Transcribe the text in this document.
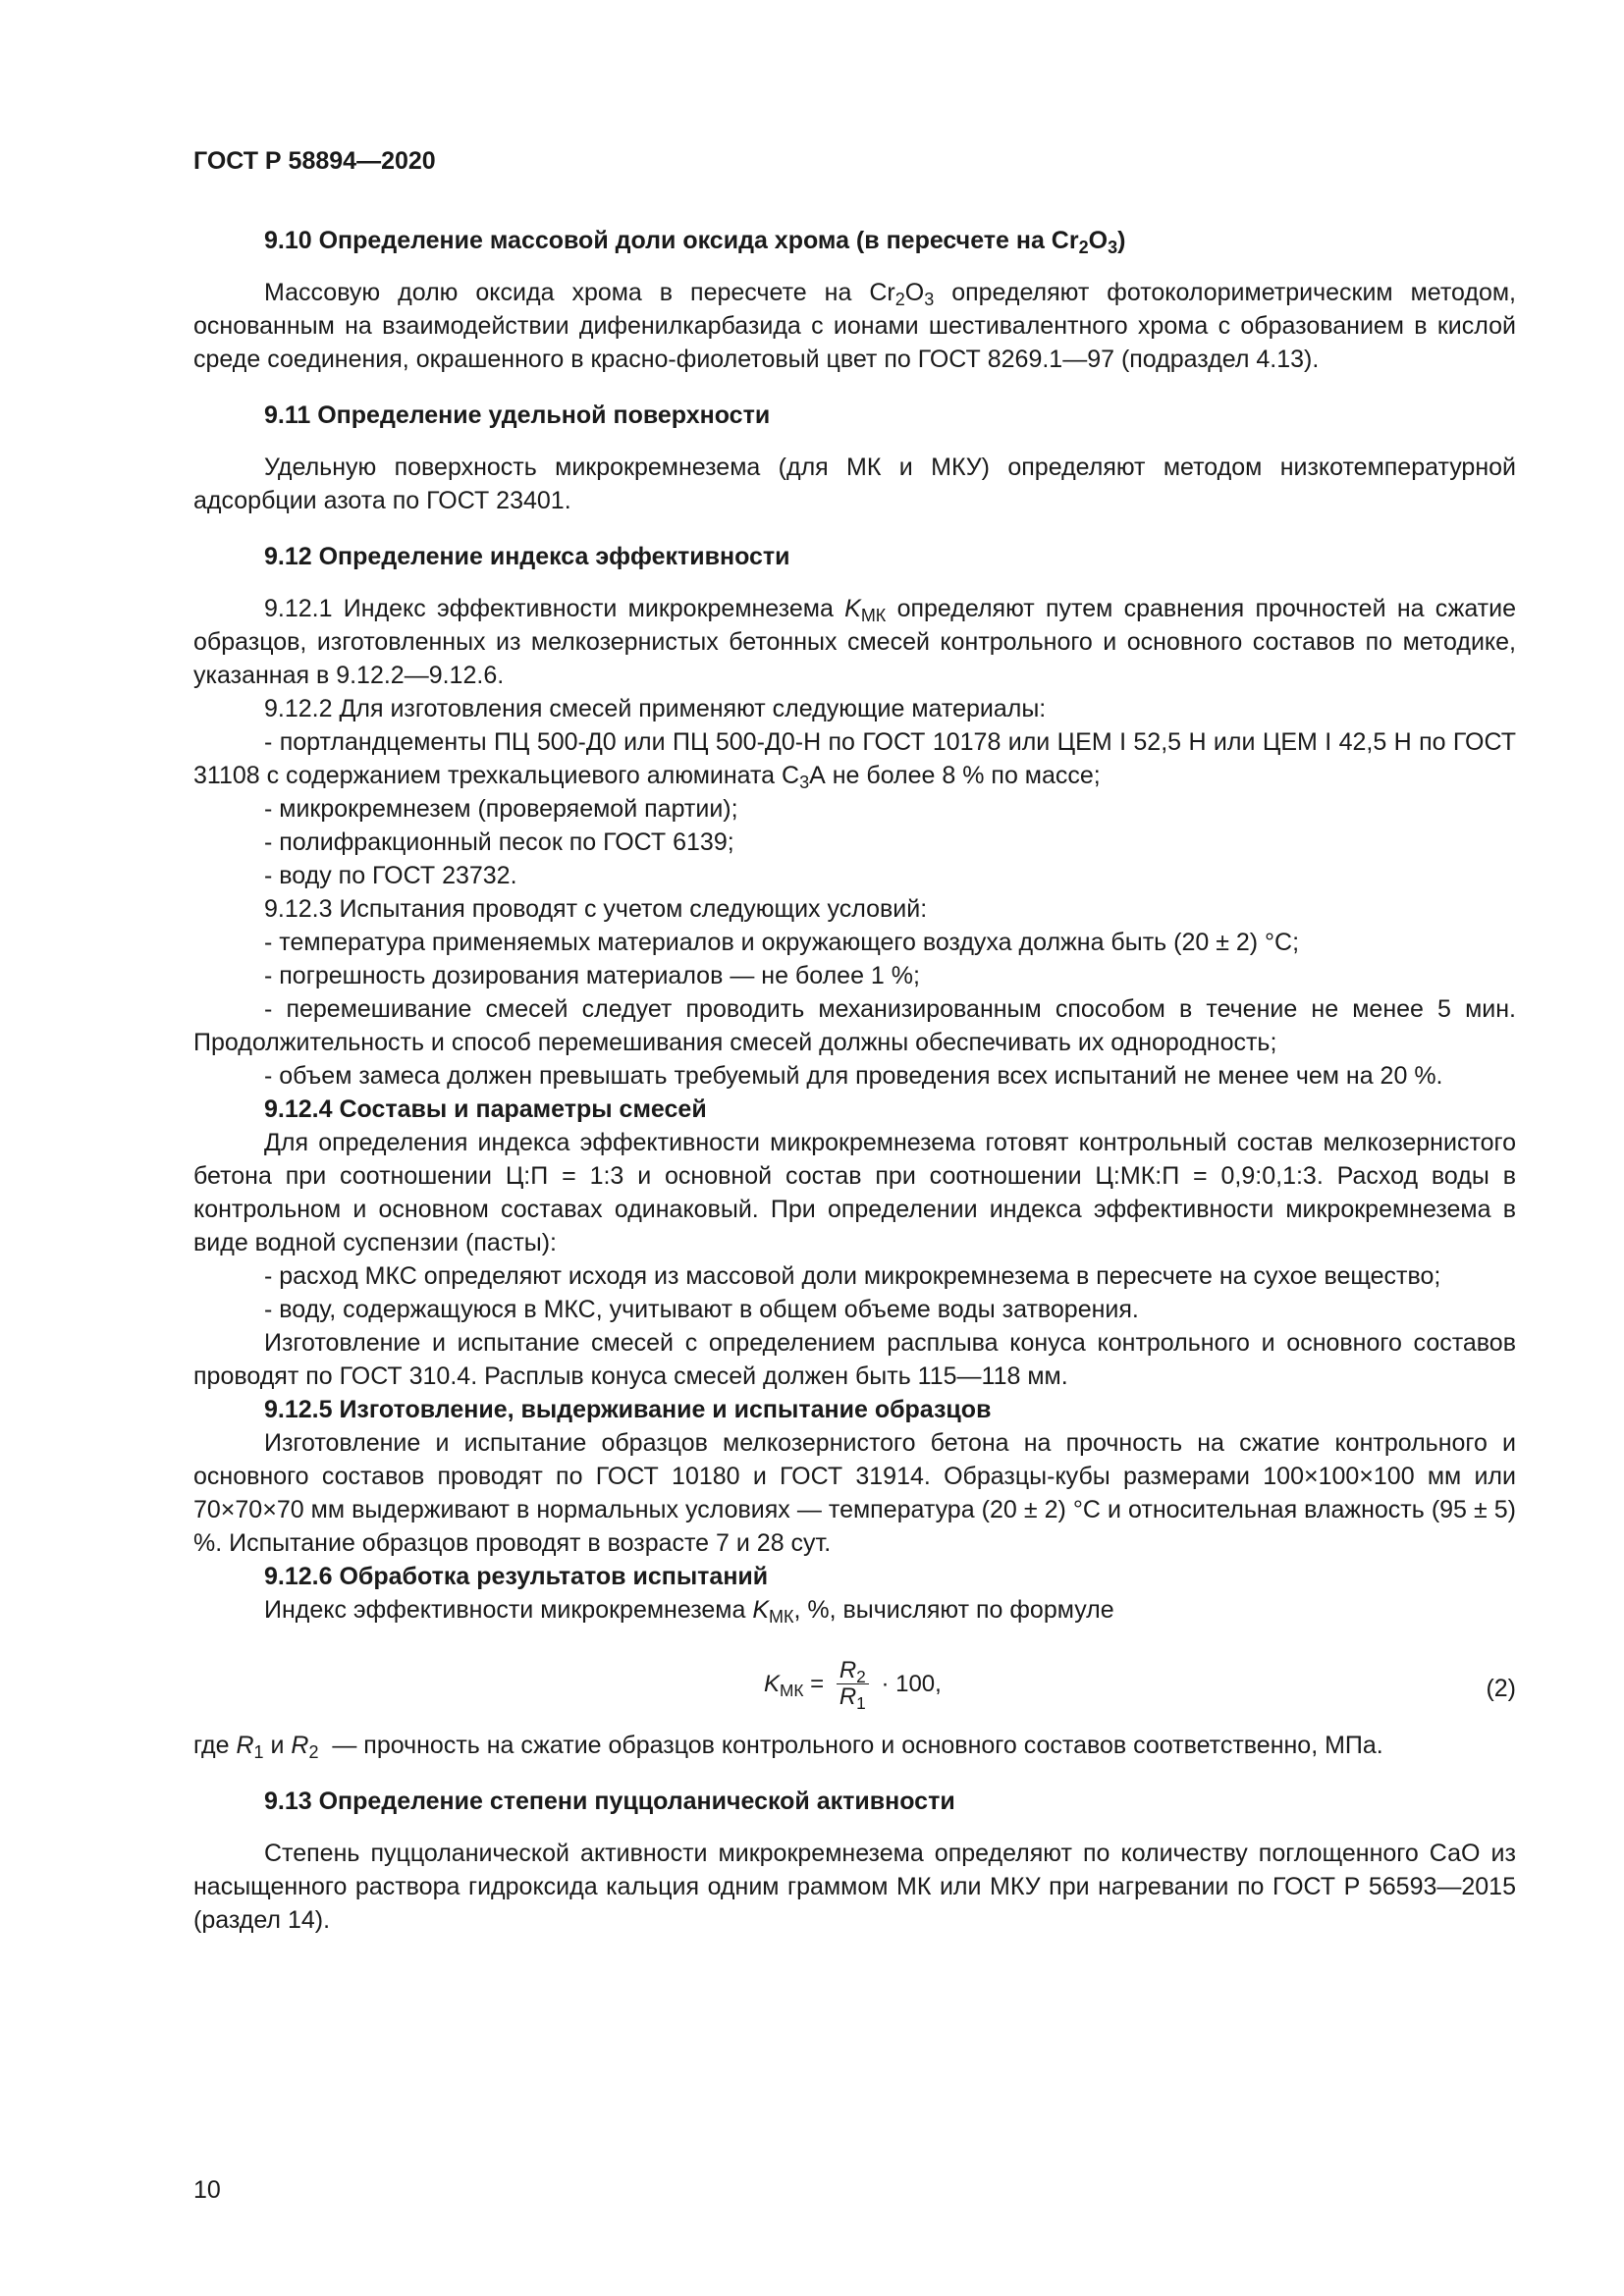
ГОСТ Р 58894—2020

9.10 Определение массовой доли оксида хрома (в пересчете на $Cr_2O_3$)

Массовую долю оксида хрома в пересчете на $Cr_2O_3$ определяют фотоколориметрическим методом, основанным на взаимодействии дифенилкарбазида с ионами шестивалентного хрома с образованием в кислой среде соединения, окрашенного в красно-фиолетовый цвет по ГОСТ 8269.1—97 (подраздел 4.13).

9.11 Определение удельной поверхности

Удельную поверхность микрокремнезема (для МК и МКУ) определяют методом низкотемпературной адсорбции азота по ГОСТ 23401.

9.12 Определение индекса эффективности

9.12.1 Индекс эффективности микрокремнезема $K_{МК}$ определяют путем сравнения прочностей на сжатие образцов, изготовленных из мелкозернистых бетонных смесей контрольного и основного составов по методике, указанная в 9.12.2—9.12.6.

9.12.2 Для изготовления смесей применяют следующие материалы:

- портландцементы ПЦ 500-Д0 или ПЦ 500-Д0-Н по ГОСТ 10178 или ЦЕМ I 52,5 Н или ЦЕМ I 42,5 Н по ГОСТ 31108 с содержанием трехкальциевого алюмината $С_3А$ не более 8 % по массе;

- микрокремнезем (проверяемой партии);

- полифракционный песок по ГОСТ 6139;

- воду по ГОСТ 23732.

9.12.3 Испытания проводят с учетом следующих условий:

- температура применяемых материалов и окружающего воздуха должна быть (20 ± 2) °С;

- погрешность дозирования материалов — не более 1 %;

- перемешивание смесей следует проводить механизированным способом в течение не менее 5 мин. Продолжительность и способ перемешивания смесей должны обеспечивать их однородность;

- объем замеса должен превышать требуемый для проведения всех испытаний не менее чем на 20 %.

9.12.4 Составы и параметры смесей

Для определения индекса эффективности микрокремнезема готовят контрольный состав мелкозернистого бетона при соотношении Ц:П = 1:3 и основной состав при соотношении Ц:МК:П = 0,9:0,1:3. Расход воды в контрольном и основном составах одинаковый. При определении индекса эффективности микрокремнезема в виде водной суспензии (пасты):

- расход МКС определяют исходя из массовой доли микрокремнезема в пересчете на сухое вещество;

- воду, содержащуюся в МКС, учитывают в общем объеме воды затворения.

Изготовление и испытание смесей с определением расплыва конуса контрольного и основного составов проводят по ГОСТ 310.4. Расплыв конуса смесей должен быть 115—118 мм.

9.12.5 Изготовление, выдерживание и испытание образцов

Изготовление и испытание образцов мелкозернистого бетона на прочность на сжатие контрольного и основного составов проводят по ГОСТ 10180 и ГОСТ 31914. Образцы-кубы размерами 100×100×100 мм или 70×70×70 мм выдерживают в нормальных условиях — температура (20 ± 2) °С и относительная влажность (95 ± 5) %. Испытание образцов проводят в возрасте 7 и 28 сут.

9.12.6 Обработка результатов испытаний

Индекс эффективности микрокремнезема $K_{МК}$, %, вычисляют по формуле

$K_{МК} = \frac{R_2}{R_1} \cdot 100$,	(2)

где $R_1$ и $R_2$  — прочность на сжатие образцов контрольного и основного составов соответственно, МПа.

9.13 Определение степени пуццоланической активности

Степень пуццоланической активности микрокремнезема определяют по количеству поглощенного СаО из насыщенного раствора гидроксида кальция одним граммом МК или МКУ при нагревании по ГОСТ Р 56593—2015 (раздел 14).

10
